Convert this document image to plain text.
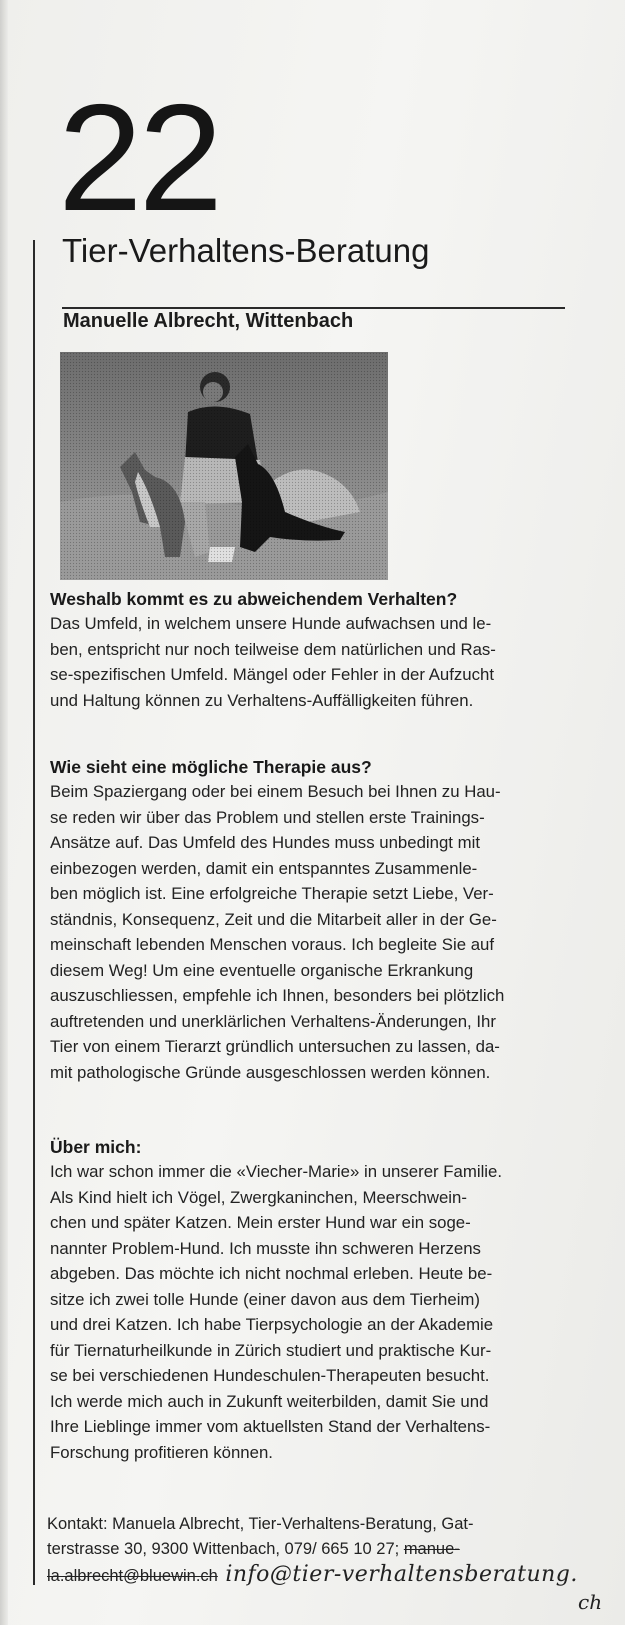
22
Tier-Verhaltens-Beratung
Manuelle Albrecht, Wittenbach
Weshalb kommt es zu abweichendem Verhalten?

Das Umfeld, in welchem unsere Hunde aufwachsen und le-
ben, entspricht nur noch teilweise dem natürlichen und Ras-
se-spezifischen Umfeld. Mängel oder Fehler in der Aufzucht
und Haltung können zu Verhaltens-Auffälligkeiten führen.

Wie sieht eine mögliche Therapie aus?

Beim Spaziergang oder bei einem Besuch bei Ihnen zu Hau-
se reden wir über das Problem und stellen erste Trainings-
Ansätze auf. Das Umfeld des Hundes muss unbedingt mit
einbezogen werden, damit ein entspanntes Zusammenle-
ben möglich ist. Eine erfolgreiche Therapie setzt Liebe, Ver-
ständnis, Konsequenz, Zeit und die Mitarbeit aller in der Ge-
meinschaft lebenden Menschen voraus. Ich begleite Sie auf
diesem Weg! Um eine eventuelle organische Erkrankung
auszuschliessen, empfehle ich Ihnen, besonders bei plötzlich
auftretenden und unerklärlichen Verhaltens-Änderungen, Ihr
Tier von einem Tierarzt gründlich untersuchen zu lassen, da-
mit pathologische Gründe ausgeschlossen werden können.

Über mich:

Ich war schon immer die «Viecher-Marie» in unserer Familie.
Als Kind hielt ich Vögel, Zwergkaninchen, Meerschwein-
chen und später Katzen. Mein erster Hund war ein soge-
nannter Problem-Hund. Ich musste ihn schweren Herzens
abgeben. Das möchte ich nicht nochmal erleben. Heute be-
sitze ich zwei tolle Hunde (einer davon aus dem Tierheim)
und drei Katzen. Ich habe Tierpsychologie an der Akademie
für Tiernaturheilkunde in Zürich studiert und praktische Kur-
se bei verschiedenen Hundeschulen-Therapeuten besucht.
Ich werde mich auch in Zukunft weiterbilden, damit Sie und
Ihre Lieblinge immer vom aktuellsten Stand der Verhaltens-
Forschung profitieren können.

Kontakt: Manuela Albrecht, Tier-Verhaltens-Beratung, Gat-
terstrasse 30, 9300 Wittenbach, 079/ 665 10 27; manue-
la.albrecht@bluewin.ch info@tier-verhaltensberatung.

ch
